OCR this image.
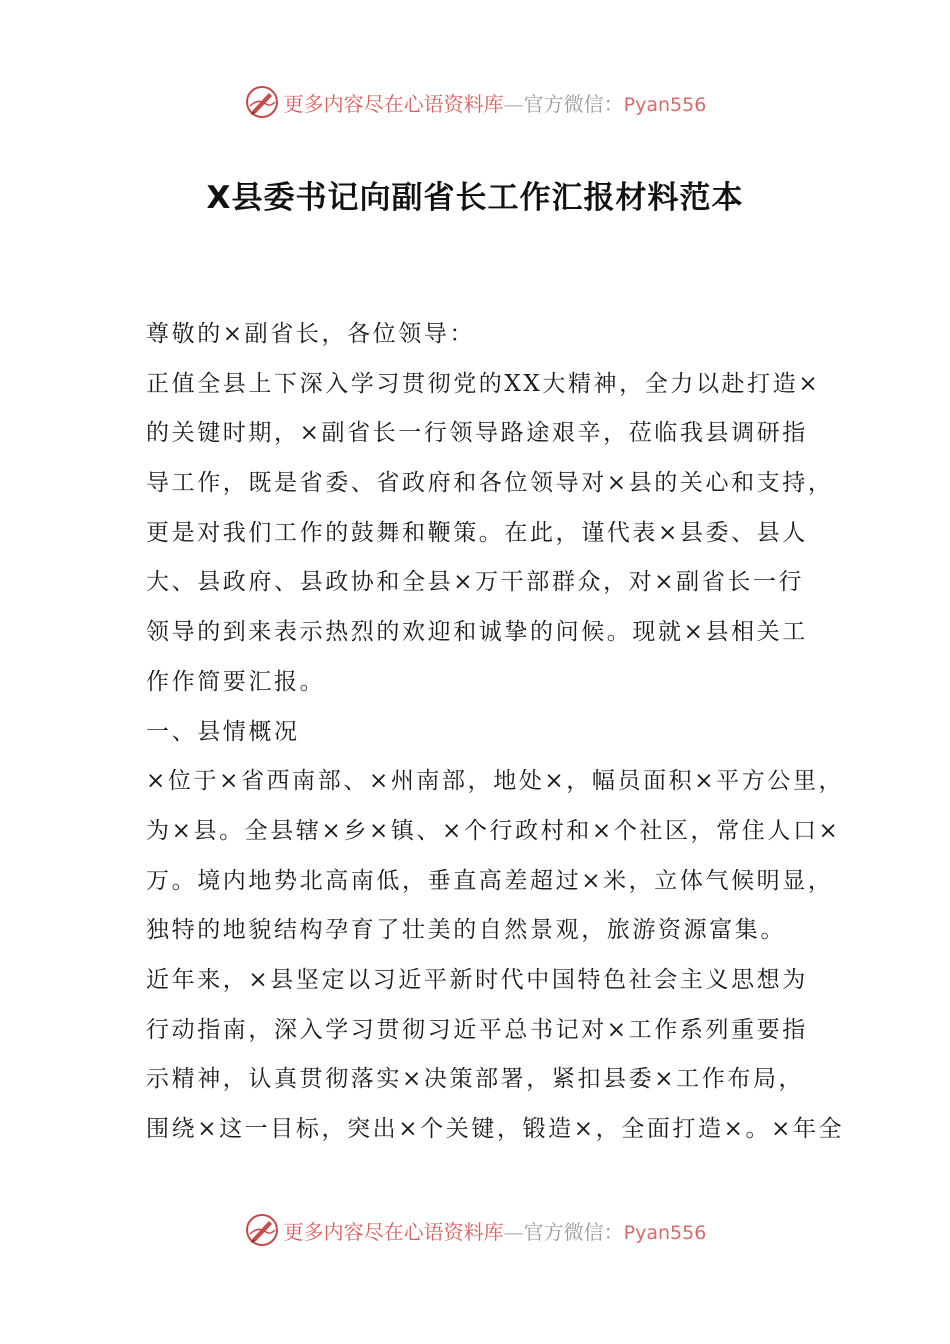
更多内容尽在心语资料库—官方微信：Pyan556
X县委书记向副省长工作汇报材料范本
尊敬的×副省长，各位领导：
正值全县上下深入学习贯彻党的XX大精神，全力以赴打造×
的关键时期，×副省长一行领导路途艰辛，莅临我县调研指
导工作，既是省委、省政府和各位领导对×县的关心和支持，
更是对我们工作的鼓舞和鞭策。在此，谨代表×县委、县人
大、县政府、县政协和全县×万干部群众，对×副省长一行
领导的到来表示热烈的欢迎和诚挚的问候。现就×县相关工
作作简要汇报。
一、县情概况
×位于×省西南部、×州南部，地处×，幅员面积×平方公里，
为×县。全县辖×乡×镇、×个行政村和×个社区，常住人口×
万。境内地势北高南低，垂直高差超过×米，立体气候明显，
独特的地貌结构孕育了壮美的自然景观，旅游资源富集。
近年来，×县坚定以习近平新时代中国特色社会主义思想为
行动指南，深入学习贯彻习近平总书记对×工作系列重要指
示精神，认真贯彻落实×决策部署，紧扣县委×工作布局，
围绕×这一目标，突出×个关键，锻造×，全面打造×。×年全
更多内容尽在心语资料库—官方微信：Pyan556
